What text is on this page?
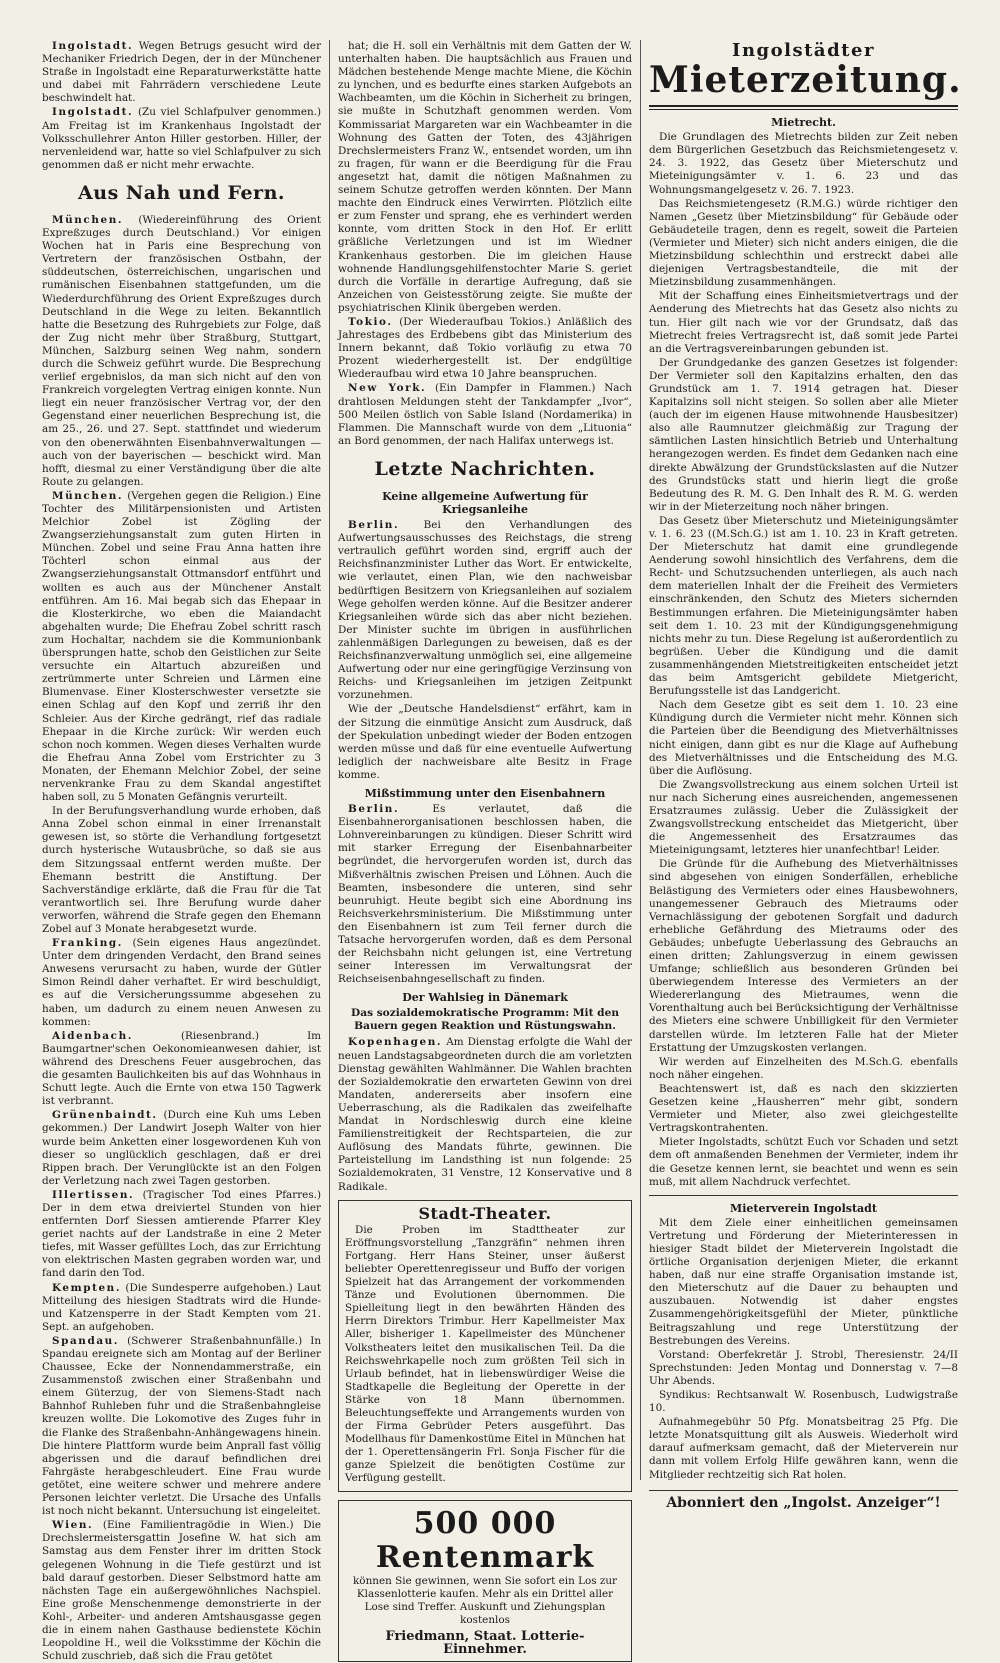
Ingolstadt. Wegen Betrugs gesucht wird der Mechaniker Friedrich Degen, der in der Münchener Straße in Ingolstadt eine Reparaturwerkstätte hatte und dabei mit Fahrrädern verschiedene Leute beschwindelt hat.

Ingolstadt. (Zu viel Schlafpulver genommen.) Am Freitag ist im Krankenhaus Ingolstadt der Volksschullehrer Anton Hiller gestorben. Hiller, der nervenleidend war, hatte so viel Schlafpulver zu sich genommen daß er nicht mehr erwachte.

Aus Nah und Fern.

München. (Wiedereinführung des Orient Expreßzuges durch Deutschland.) Vor einigen Wochen hat in Paris eine Besprechung von Vertretern der französischen Ostbahn, der süddeutschen, österreichischen, ungarischen und rumänischen Eisenbahnen stattgefunden, um die Wiederdurchführung des Orient Expreßzuges durch Deutschland in die Wege zu leiten. Bekanntlich hatte die Besetzung des Ruhrgebiets zur Folge, daß der Zug nicht mehr über Straßburg, Stuttgart, München, Salzburg seinen Weg nahm, sondern durch die Schweiz geführt wurde. Die Besprechung verlief ergebnislos, da man sich nicht auf den von Frankreich vorgelegten Vertrag einigen konnte. Nun liegt ein neuer französischer Vertrag vor, der den Gegenstand einer neuerlichen Besprechung ist, die am 25., 26. und 27. Sept. stattfindet und wiederum von den obenerwähnten Eisenbahnverwaltungen — auch von der bayerischen — beschickt wird. Man hofft, diesmal zu einer Verständigung über die alte Route zu gelangen.

München. (Vergehen gegen die Religion.) Eine Tochter des Militärpensionisten und Artisten Melchior Zobel ist Zögling der Zwangserziehungsanstalt zum guten Hirten in München. Zobel und seine Frau Anna hatten ihre Töchterl schon einmal aus der Zwangserziehungsanstalt Ottmansdorf entführt und wollten es auch aus der Münchener Anstalt entführen. Am 16. Mai begab sich das Ehepaar in die Klosterkirche, wo eben die Maiandacht abgehalten wurde; Die Ehefrau Zobel schritt rasch zum Hochaltar, nachdem sie die Kommunionbank übersprungen hatte, schob den Geistlichen zur Seite versuchte ein Altartuch abzureißen und zertrümmerte unter Schreien und Lärmen eine Blumenvase. Einer Klosterschwester versetzte sie einen Schlag auf den Kopf und zerriß ihr den Schleier. Aus der Kirche gedrängt, rief das radiale Ehepaar in die Kirche zurück: Wir werden euch schon noch kommen. Wegen dieses Verhalten wurde die Ehefrau Anna Zobel vom Erstrichter zu 3 Monaten, der Ehemann Melchior Zobel, der seine nervenkranke Frau zu dem Skandal angestiftet haben soll, zu 5 Monaten Gefängnis verurteilt.

In der Berufungsverhandlung wurde erhoben, daß Anna Zobel schon einmal in einer Irrenanstalt gewesen ist, so störte die Verhandlung fortgesetzt durch hysterische Wutausbrüche, so daß sie aus dem Sitzungssaal entfernt werden mußte. Der Ehemann bestritt die Anstiftung. Der Sachverständige erklärte, daß die Frau für die Tat verantwortlich sei. Ihre Berufung wurde daher verworfen, während die Strafe gegen den Ehemann Zobel auf 3 Monate herabgesetzt wurde.

Franking. (Sein eigenes Haus angezündet. Unter dem dringenden Verdacht, den Brand seines Anwesens verursacht zu haben, wurde der Gütler Simon Reindl daher verhaftet. Er wird beschuldigt, es auf die Versicherungssumme abgesehen zu haben, um dadurch zu einem neuen Anwesen zu kommen:

Aidenbach.	(Riesenbrand.) Im Baumgartner'schen Oekonomieanwesen dahier, ist während des Dreschens Feuer ausgebrochen, das die gesamten Baulichkeiten bis auf das Wohnhaus in Schutt legte. Auch die Ernte von etwa 150 Tagwerk ist verbrannt.

Grünenbaindt. (Durch eine Kuh ums Leben gekommen.) Der Landwirt Joseph Walter von hier wurde beim Anketten einer losgewordenen Kuh von dieser so unglücklich geschlagen, daß er drei Rippen brach. Der Verunglückte ist an den Folgen der Verletzung nach zwei Tagen gestorben.

Illertissen. (Tragischer Tod eines Pfarres.) Der in dem etwa dreiviertel Stunden von hier entfernten Dorf Siessen amtierende Pfarrer Kley geriet nachts auf der Landstraße in eine 2 Meter tiefes, mit Wasser gefülltes Loch, das zur Errichtung von elektrischen Masten gegraben worden war, und fand darin den Tod.

Kempten. (Die Sundesperre aufgehoben.) Laut Mitteilung des hiesigen Stadtrats wird die Hunde- und Katzensperre in der Stadt Kempten vom 21. Sept. an aufgehoben.

Spandau. (Schwerer Straßenbahnunfälle.) In Spandau ereignete sich am Montag auf der Berliner Chaussee, Ecke der Nonnendammerstraße, ein Zusammenstoß zwischen einer Straßenbahn und einem Güterzug, der von Siemens-Stadt nach Bahnhof Ruhleben fuhr und die Straßenbahngleise kreuzen wollte. Die Lokomotive des Zuges fuhr in die Flanke des Straßenbahn-Anhängewagens hinein. Die hintere Plattform wurde beim Anprall fast völlig abgerissen und die darauf befindlichen drei Fahrgäste herabgeschleudert. Eine Frau wurde getötet, eine weitere schwer und mehrere andere Personen leichter verletzt. Die Ursache des Unfalls ist noch nicht bekannt. Untersuchung ist eingeleitet.

Wien. (Eine Familientragödie in Wien.) Die Drechslermeistersgattin Josefine W. hat sich am Samstag aus dem Fenster ihrer im dritten Stock gelegenen Wohnung in die Tiefe gestürzt und ist bald darauf gestorben. Dieser Selbstmord hatte am nächsten Tage ein außergewöhnliches Nachspiel. Eine große Menschenmenge demonstrierte in der Kohl-, Arbeiter- und anderen Amtshausgasse gegen die in einem nahen Gasthause bedienstete Köchin Leopoldine H., weil die Volksstimme der Köchin die Schuld zuschrieb, daß sich die Frau getötet

hat; die H. soll ein Verhältnis mit dem Gatten der W. unterhalten haben. Die hauptsächlich aus Frauen und Mädchen bestehende Menge machte Miene, die Köchin zu lynchen, und es bedurfte eines starken Aufgebots an Wachbeamten, um die Köchin in Sicherheit zu bringen, sie mußte in Schutzhaft genommen werden. Vom Kommissariat Margareten war ein Wachbeamter in die Wohnung des Gatten der Toten, des 43jährigen Drechslermeisters Franz W., entsendet worden, um ihn zu fragen, für wann er die Beerdigung für die Frau angesetzt hat, damit die nötigen Maßnahmen zu seinem Schutze getroffen werden könnten. Der Mann machte den Eindruck eines Verwirrten. Plötzlich eilte er zum Fenster und sprang, ehe es verhindert werden konnte, vom dritten Stock in den Hof. Er erlitt gräßliche Verletzungen und ist im Wiedner Krankenhaus gestorben. Die im gleichen Hause wohnende Handlungsgehilfenstochter Marie S. geriet durch die Vorfälle in derartige Aufregung, daß sie Anzeichen von Geistesstörung zeigte. Sie mußte der psychiatrischen Klinik übergeben werden.

Tokio. (Der Wiederaufbau Tokios.) Anläßlich des Jahrestages des Erdbebens gibt das Ministerium des Innern bekannt, daß Tokio vorläufig zu etwa 70 Prozent wiederhergestellt ist. Der endgültige Wiederaufbau wird etwa 10 Jahre beanspruchen.

New York. (Ein Dampfer in Flammen.) Nach drahtlosen Meldungen steht der Tankdampfer „Ivor“, 500 Meilen östlich von Sable Island (Nordamerika) in Flammen. Die Mannschaft wurde von dem „Lituonia“ an Bord genommen, der nach Halifax unterwegs ist.

Letzte Nachrichten.
Keine allgemeine Aufwertung für Kriegsanleihe

Berlin. Bei den Verhandlungen des Aufwertungsausschusses des Reichstags, die streng vertraulich geführt worden sind, ergriff auch der Reichsfinanzminister Luther das Wort. Er entwickelte, wie verlautet, einen Plan, wie den nachweisbar bedürftigen Besitzern von Kriegsanleihen auf sozialem Wege geholfen werden könne. Auf die Besitzer anderer Kriegsanleihen würde sich das aber nicht beziehen. Der Minister suchte im übrigen in ausführlichen zahlenmäßigen Darlegungen zu beweisen, daß es der Reichsfinanzverwaltung unmöglich sei, eine allgemeine Aufwertung oder nur eine geringfügige Verzinsung von Reichs- und Kriegsanleihen im jetzigen Zeitpunkt vorzunehmen.

Wie der „Deutsche Handelsdienst“ erfährt, kam in der Sitzung die einmütige Ansicht zum Ausdruck, daß der Spekulation unbedingt wieder der Boden entzogen werden müsse und daß für eine eventuelle Aufwertung lediglich der nachweisbare alte Besitz in Frage komme.

Mißstimmung unter den Eisenbahnern

Berlin.	Es verlautet, daß die Eisenbahnerorganisationen beschlossen haben, die Lohnvereinbarungen zu kündigen. Dieser Schritt wird mit starker Erregung der Eisenbahnarbeiter begründet, die hervorgerufen worden ist, durch das Mißverhältnis zwischen Preisen und Löhnen. Auch die Beamten, insbesondere die unteren, sind sehr beunruhigt. Heute begibt sich eine Abordnung ins Reichsverkehrsministerium. Die Mißstimmung unter den Eisenbahnern ist zum Teil ferner durch die Tatsache hervorgerufen worden, daß es dem Personal der Reichsbahn nicht gelungen ist, eine Vertretung seiner Interessen im Verwaltungsrat der Reichseisenbahngesellschaft zu finden.

Der Wahlsieg in Dänemark
Das sozialdemokratische Programm: Mit den Bauern gegen Reaktion und Rüstungswahn.

Kopenhagen. Am Dienstag erfolgte die Wahl der neuen Landstagsabgeordneten durch die am vorletzten Dienstag gewählten Wahlmänner. Die Wahlen brachten der Sozialdemokratie den erwarteten Gewinn von drei Mandaten, andererseits aber insofern eine Ueberraschung, als die Radikalen das zweifelhafte Mandat in Nordschleswig durch eine kleine Familienstreitigkeit der Rechtsparteien, die zur Auflösung des Mandats führte, gewinnen. Die Parteistellung im Landsthing ist nun folgende: 25 Sozialdemokraten, 31 Venstre, 12 Konservative und 8 Radikale.

Stadt-Theater.

Die Proben im Stadttheater zur Eröffnungsvorstellung „Tanzgräfin“ nehmen ihren Fortgang. Herr Hans Steiner, unser äußerst beliebter Operettenregisseur und Buffo der vorigen Spielzeit hat das Arrangement der vorkommenden Tänze und Evolutionen übernommen. Die Spielleitung liegt in den bewährten Händen des Herrn Direktors Trimbur. Herr Kapellmeister Max Aller, bisheriger 1. Kapellmeister des Münchener Volkstheaters leitet den musikalischen Teil. Da die Reichswehrkapelle noch zum größten Teil sich in Urlaub befindet, hat in liebenswürdiger Weise die Stadtkapelle die Begleitung der Operette in der Stärke von 18 Mann übernommen. Beleuchtungseffekte und Arrangements wurden von der Firma Gebrüder Peters ausgeführt. Das Modellhaus für Damenkostüme Eitel in München hat der 1. Operettensängerin Frl. Sonja Fischer für die ganze Spielzeit die benötigten Costüme zur Verfügung gestellt.

500 000 Rentenmark
können Sie gewinnen, wenn Sie sofort ein Los zur Klassenlotterie kaufen. Mehr als ein Drittel aller Lose sind Treffer. Auskunft und Ziehungsplan kostenlos
Friedmann, Staat. Lotterie-Einnehmer.
Ingolstädter
Mieterzeitung.
Mietrecht.

Die Grundlagen des Mietrechts bilden zur Zeit neben dem Bürgerlichen Gesetzbuch das Reichsmietengesetz v. 24. 3. 1922, das Gesetz über Mieterschutz und Mieteinigungsämter v. 1. 6. 23 und das Wohnungsmangelgesetz v. 26. 7. 1923.

Das Reichsmietengesetz (R.M.G.) würde richtiger den Namen „Gesetz über Mietzinsbildung“ für Gebäude oder Gebäudeteile tragen, denn es regelt, soweit die Parteien (Vermieter und Mieter) sich nicht anders einigen, die die Mietzinsbildung schlechthin und erstreckt dabei alle diejenigen Vertragsbestandteile, die mit der Mietzinsbildung zusammenhängen.

Mit der Schaffung eines Einheitsmietvertrags und der Aenderung des Mietrechts hat das Gesetz also nichts zu tun. Hier gilt nach wie vor der Grundsatz, daß das Mietrecht freies Vertragsrecht ist, daß somit jede Partei an die Vertragsvereinbarungen gebunden ist.

Der Grundgedanke des ganzen Gesetzes ist folgender: Der Vermieter soll den Kapitalzins erhalten, den das Grundstück am 1. 7. 1914 getragen hat. Dieser Kapitalzins soll nicht steigen. So sollen aber alle Mieter (auch der im eigenen Hause mitwohnende Hausbesitzer) also alle Raumnutzer gleichmäßig zur Tragung der sämtlichen Lasten hinsichtlich Betrieb und Unterhaltung herangezogen werden. Es findet dem Gedanken nach eine direkte Abwälzung der Grundstückslasten auf die Nutzer des Grundstücks statt und hierin liegt die große Bedeutung des R. M. G. Den Inhalt des R. M. G. werden wir in der Mieterzeitung noch näher bringen.

Das Gesetz über Mieterschutz und Mieteinigungsämter v. 1. 6. 23 ((M.Sch.G.) ist am 1. 10. 23 in Kraft getreten. Der Mieterschutz hat damit eine grundlegende Aenderung sowohl hinsichtlich des Verfahrens, dem die Recht- und Schutzsuchenden unterliegen, als auch nach dem materiellen Inhalt der die Freiheit des Vermieters einschränkenden, den Schutz des Mieters sichernden Bestimmungen erfahren. Die Mieteinigungsämter haben seit dem 1. 10. 23 mit der Kündigungsgenehmigung nichts mehr zu tun. Diese Regelung ist außerordentlich zu begrüßen. Ueber die Kündigung und die damit zusammenhängenden Mietstreitigkeiten entscheidet jetzt das beim Amtsgericht gebildete Mietgericht, Berufungsstelle ist das Landgericht.

Nach dem Gesetze gibt es seit dem 1. 10. 23 eine Kündigung durch die Vermieter nicht mehr. Können sich die Parteien über die Beendigung des Mietverhältnisses nicht einigen, dann gibt es nur die Klage auf Aufhebung des Mietverhältnisses und die Entscheidung des M.G. über die Auflösung.

Die Zwangsvollstreckung aus einem solchen Urteil ist nur nach Sicherung eines ausreichenden, angemessenen Ersatzraumes zulässig. Ueber die Zulässigkeit der Zwangsvollstreckung entscheidet das Mietgericht, über die Angemessenheit des Ersatzraumes das Mieteinigungsamt, letzteres hier unanfechtbar! Leider.

Die Gründe für die Aufhebung des Mietverhältnisses sind abgesehen von einigen Sonderfällen, erhebliche Belästigung des Vermieters oder eines Hausbewohners, unangemessener Gebrauch des Mietraums oder Vernachlässigung der gebotenen Sorgfalt und dadurch erhebliche Gefährdung des Mietraums oder des Gebäudes; unbefugte Ueberlassung des Gebrauchs an einen dritten; Zahlungsverzug in einem gewissen Umfange; schließlich aus besonderen Gründen bei überwiegendem Interesse des Vermieters an der Wiedererlangung des Mietraumes, wenn die Vorenthaltung auch bei Berücksichtigung der Verhältnisse des Mieters eine schwere Unbilligkeit für den Vermieter darstellen würde. Im letzteren Falle hat der Mieter Erstattung der Umzugskosten verlangen.

Wir werden auf Einzelheiten des M.Sch.G. ebenfalls noch näher eingehen.

Beachtenswert ist, daß es nach den skizzierten Gesetzen keine „Hausherren“ mehr gibt, sondern Vermieter und Mieter, also zwei gleichgestellte Vertragskontrahenten.

Mieter Ingolstadts, schützt Euch vor Schaden und setzt dem oft anmaßenden Benehmen der Vermieter, indem ihr die Gesetze kennen lernt, sie beachtet und wenn es sein muß, mit allem Nachdruck verfechtet.

Mieterverein Ingolstadt

Mit dem Ziele einer einheitlichen gemeinsamen Vertretung und Förderung der Mieterinteressen in hiesiger Stadt bildet der Mieterverein Ingolstadt die örtliche Organisation derjenigen Mieter, die erkannt haben, daß nur eine straffe Organisation imstande ist, den Mieterschutz auf die Dauer zu behaupten und auszubauen. Notwendig ist daher engstes Zusammengehörigkeitsgefühl der Mieter, pünktliche Beitragszahlung und rege Unterstützung der Bestrebungen des Vereins.

Vorstand: Oberfekretär J. Strobl, Theresienstr. 24/II Sprechstunden: Jeden Montag und Donnerstag v. 7—8 Uhr Abends.

Syndikus: Rechtsanwalt W. Rosenbusch, Ludwigstraße 10.

Aufnahmegebühr 50 Pfg. Monatsbeitrag 25 Pfg. Die letzte Monatsquittung gilt als Ausweis. Wiederholt wird darauf aufmerksam gemacht, daß der Mieterverein nur dann mit vollem Erfolg Hilfe gewähren kann, wenn die Mitglieder rechtzeitig sich Rat holen.

Abonniert den „Ingolst. Anzeiger“!
